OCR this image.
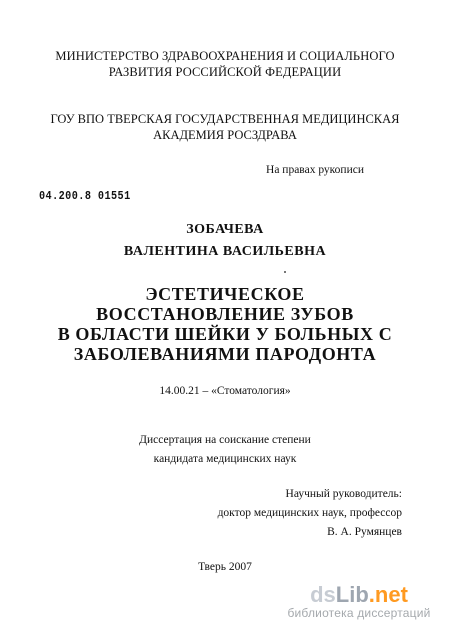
МИНИСТЕРСТВО ЗДРАВООХРАНЕНИЯ И СОЦИАЛЬНОГО
РАЗВИТИЯ РОССИЙСКОЙ ФЕДЕРАЦИИ
ГОУ ВПО ТВЕРСКАЯ ГОСУДАРСТВЕННАЯ МЕДИЦИНСКАЯ
АКАДЕМИЯ РОСЗДРАВА
На правах рукописи
04.200.8 01551
ЗОБАЧЕВА
ВАЛЕНТИНА ВАСИЛЬЕВНА
ЭСТЕТИЧЕСКОЕ
ВОССТАНОВЛЕНИЕ ЗУБОВ
В ОБЛАСТИ ШЕЙКИ У БОЛЬНЫХ С
ЗАБОЛЕВАНИЯМИ ПАРОДОНТА
14.00.21 – «Стоматология»
Диссертация на соискание степени
кандидата медицинских наук
Научный руководитель:
доктор медицинских наук, профессор
В. А. Румянцев
Тверь 2007
dsLib.net
библиотека диссертаций
